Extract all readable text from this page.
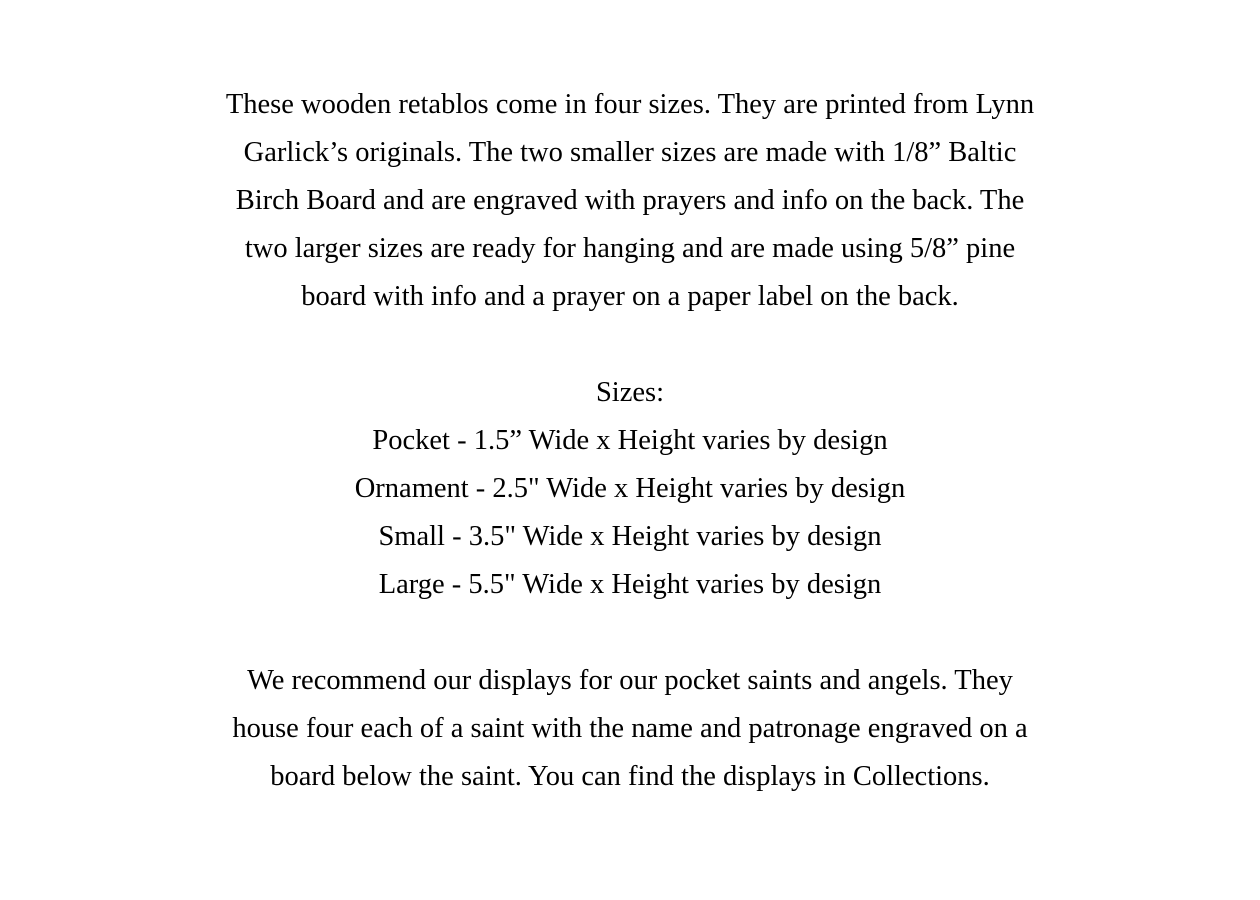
These wooden retablos come in four sizes. They are printed from Lynn
Garlick’s originals. The two smaller sizes are made with 1/8” Baltic
Birch Board and are engraved with prayers and info on the back. The
two larger sizes are ready for hanging and are made using 5/8” pine
board with info and a prayer on a paper label on the back.
Sizes:
Pocket - 1.5” Wide x Height varies by design
Ornament - 2.5" Wide x Height varies by design
Small - 3.5" Wide x Height varies by design
Large - 5.5" Wide x Height varies by design
We recommend our displays for our pocket saints and angels. They
house four each of a saint with the name and patronage engraved on a
board below the saint. You can find the displays in Collections.
